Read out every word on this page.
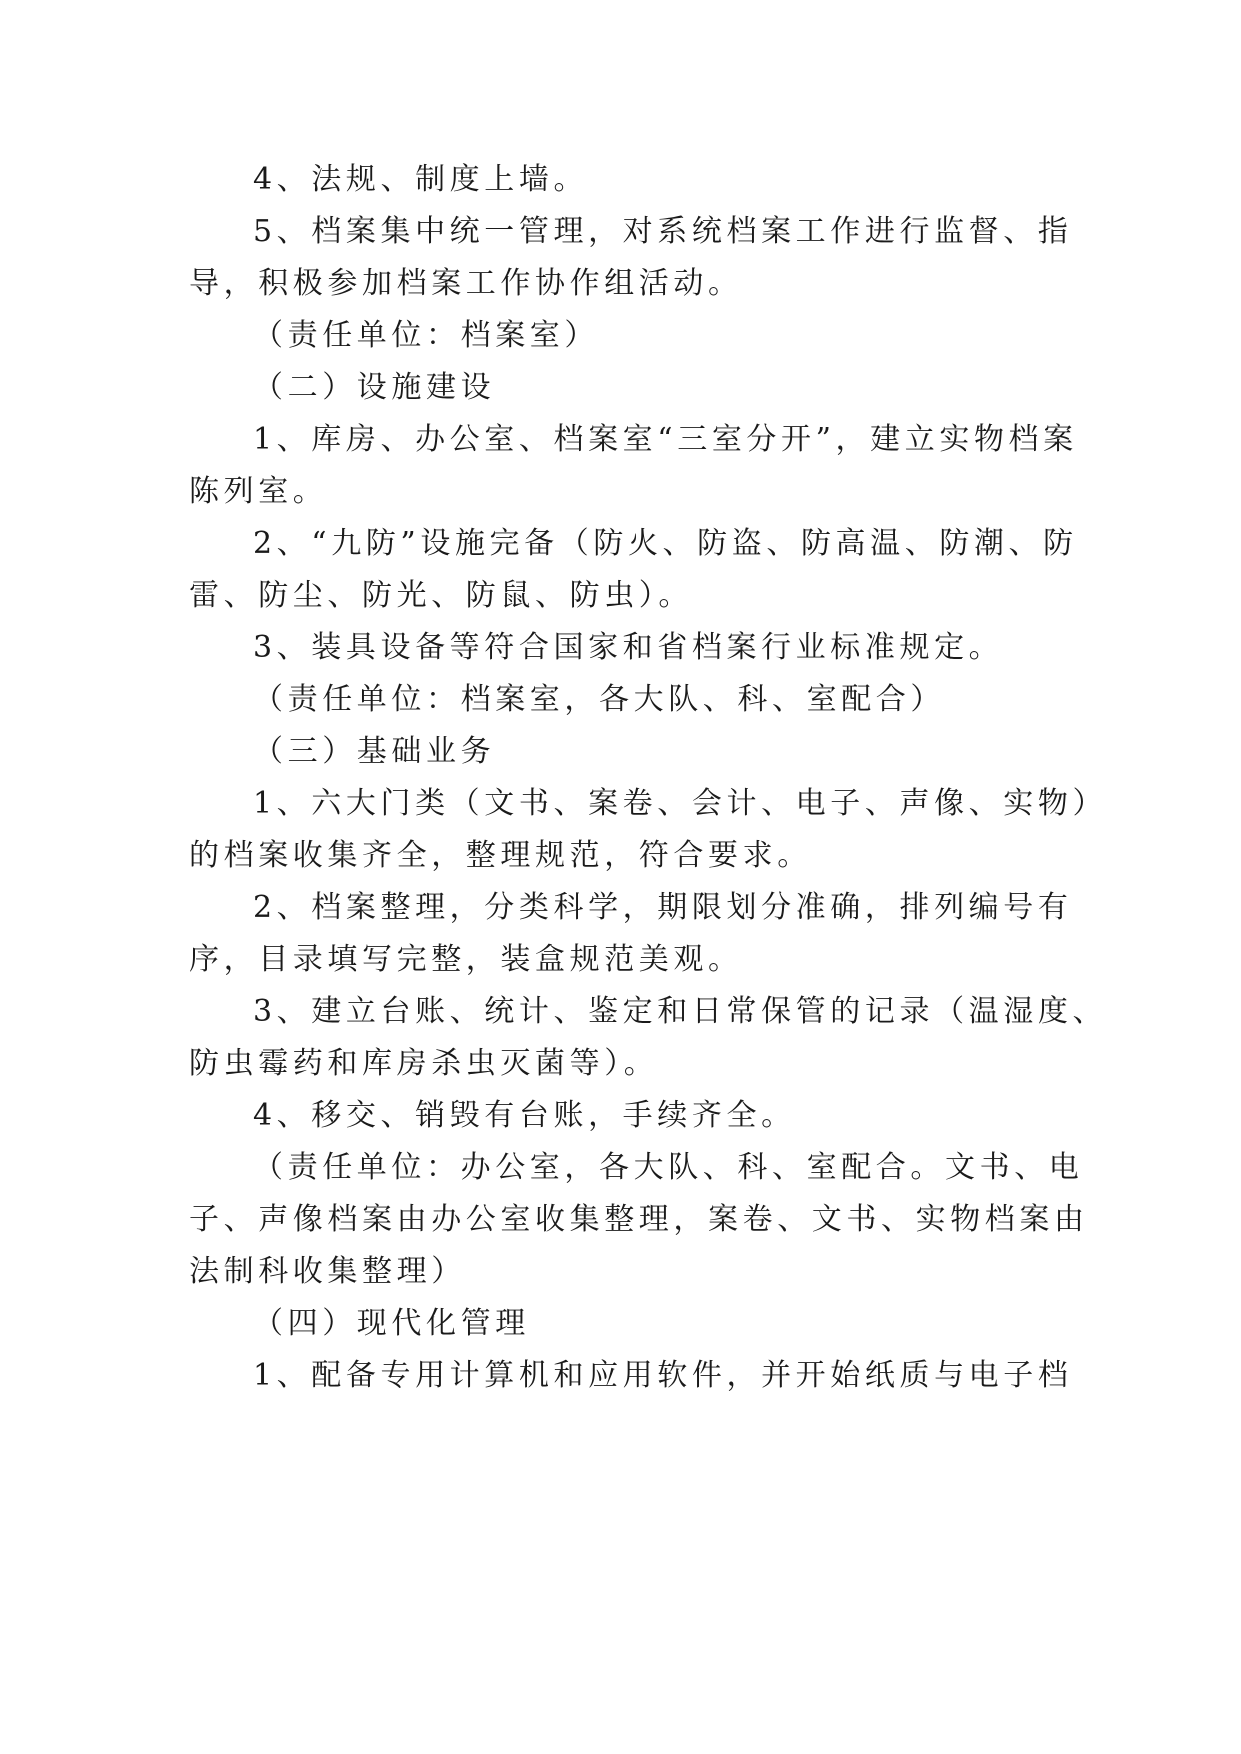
4、法规、制度上墙。
5、档案集中统一管理，对系统档案工作进行监督、指
导，积极参加档案工作协作组活动。
（责任单位：档案室）
（二）设施建设
1、库房、办公室、档案室“三室分开”，建立实物档案
陈列室。
2、“九防”设施完备（防火、防盗、防高温、防潮、防
雷、防尘、防光、防鼠、防虫）。
3、装具设备等符合国家和省档案行业标准规定。
（责任单位：档案室，各大队、科、室配合）
（三）基础业务
1、六大门类（文书、案卷、会计、电子、声像、实物）
的档案收集齐全，整理规范，符合要求。
2、档案整理，分类科学，期限划分准确，排列编号有
序，目录填写完整，装盒规范美观。
3、建立台账、统计、鉴定和日常保管的记录（温湿度、
防虫霉药和库房杀虫灭菌等）。
4、移交、销毁有台账，手续齐全。
（责任单位：办公室，各大队、科、室配合。文书、电
子、声像档案由办公室收集整理，案卷、文书、实物档案由
法制科收集整理）
（四）现代化管理
1、配备专用计算机和应用软件，并开始纸质与电子档
